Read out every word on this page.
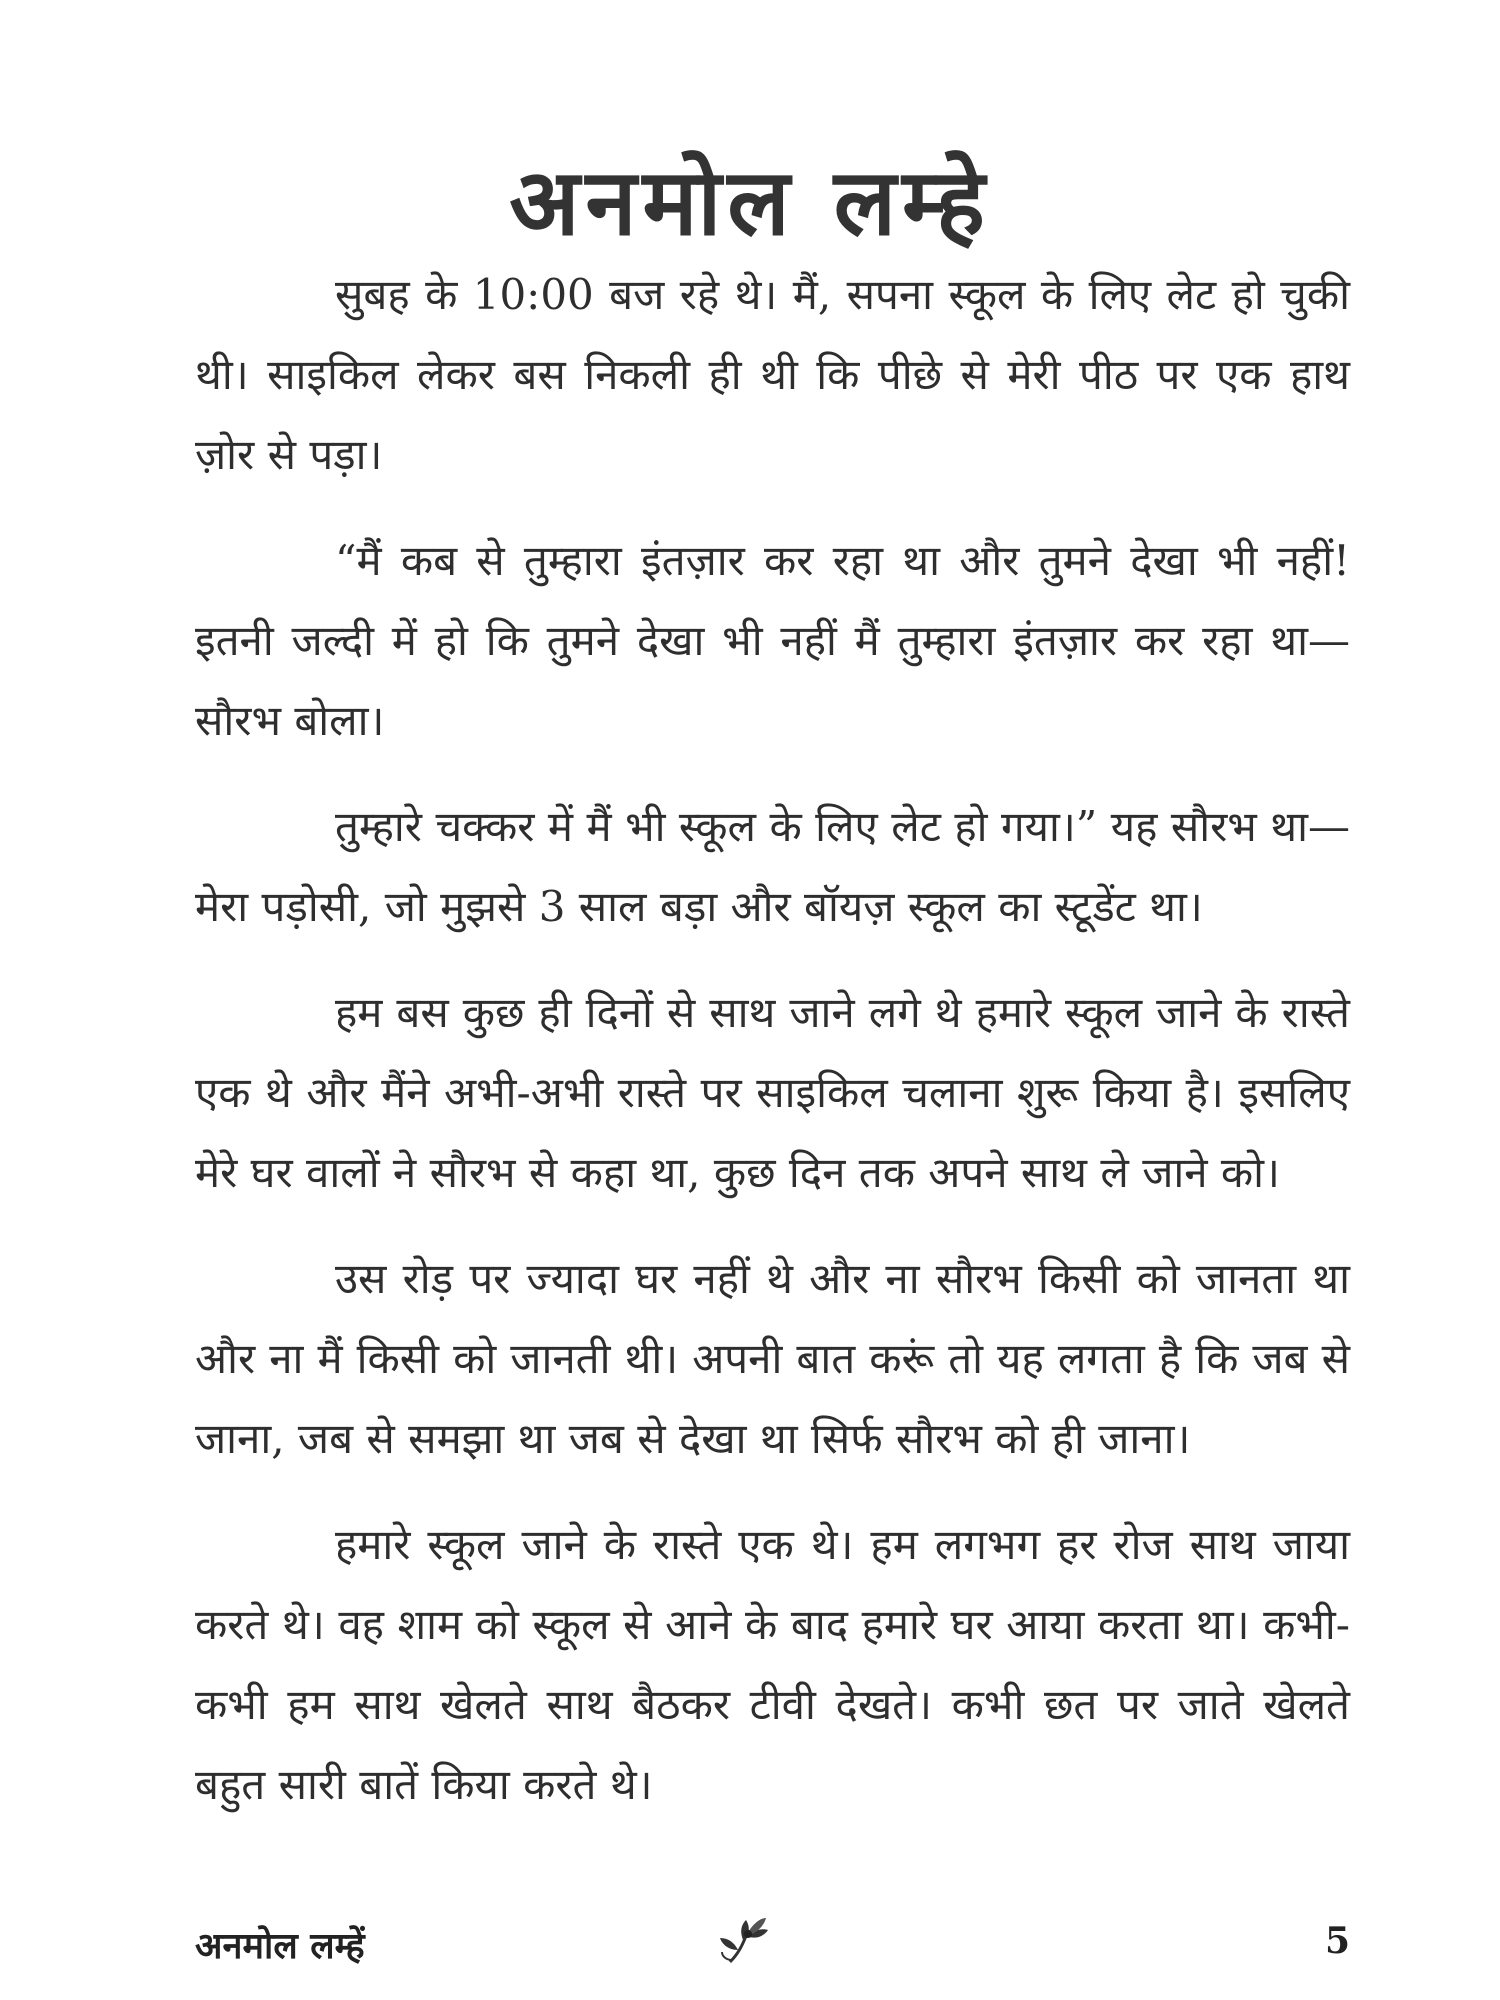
अनमोल लम्हे

सुबह के 10:00 बज रहे थे। मैं, सपना स्कूल के लिए लेट हो चुकी थी। साइकिल लेकर बस निकली ही थी कि पीछे से मेरी पीठ पर एक हाथ ज़ोर से पड़ा।

“मैं कब से तुम्हारा इंतज़ार कर रहा था और तुमने देखा भी नहीं! इतनी जल्दी में हो कि तुमने देखा भी नहीं मैं तुम्हारा इंतज़ार कर रहा था—सौरभ बोला।

तुम्हारे चक्कर में मैं भी स्कूल के लिए लेट हो गया।” यह सौरभ था—मेरा पड़ोसी, जो मुझसे 3 साल बड़ा और बॉयज़ स्कूल का स्टूडेंट था।

हम बस कुछ ही दिनों से साथ जाने लगे थे हमारे स्कूल जाने के रास्ते एक थे और मैंने अभी-अभी रास्ते पर साइकिल चलाना शुरू किया है। इसलिए मेरे घर वालों ने सौरभ से कहा था, कुछ दिन तक अपने साथ ले जाने को।

उस रोड़ पर ज्यादा घर नहीं थे और ना सौरभ किसी को जानता था और ना मैं किसी को जानती थी। अपनी बात करूं तो यह लगता है कि जब से जाना, जब से समझा था जब से देखा था सिर्फ सौरभ को ही जाना।

हमारे स्कूल जाने के रास्ते एक थे। हम लगभग हर रोज साथ जाया करते थे। वह शाम को स्कूल से आने के बाद हमारे घर आया करता था। कभी-कभी हम साथ खेलते साथ बैठकर टीवी देखते। कभी छत पर जाते खेलते बहुत सारी बातें किया करते थे।

अनमोल लम्हें	5
